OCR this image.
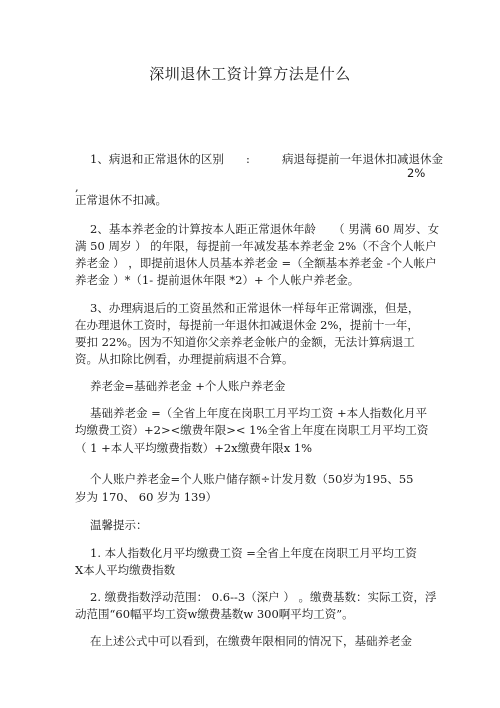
深圳退休工资计算方法是什么
1、病退和正常退休的区别 :	病退每提前一年退休扣减退休金
2%
,
正常退休不扣减。
2、基本养老金的计算按本人距正常退休年龄　　（ 男满 60 周岁、女
满 50 周岁 ） 的年限，每提前一年减发基本养老金 2%（不含个人帐户
养老金 ） ，即提前退休人员基本养老金 =（全额基本养老金 -个人帐户
养老金 ）*（1- 提前退休年限 *2）+ 个人帐户养老金。
3、办理病退后的工资虽然和正常退休一样每年正常调涨，但是，
在办理退休工资时，每提前一年退休扣减退休金 2%，提前十一年，
要扣 22%。因为不知道你父亲养老金帐户的金额，无法计算病退工
资。从扣除比例看，办理提前病退不合算。
养老金=基础养老金 +个人账户养老金
基础养老金 =（全省上年度在岗职工月平均工资 +本人指数化月平
均缴费工资）+2><缴费年限>< 1%全省上年度在岗职工月平均工资
（ 1 +本人平均缴费指数）+2x缴费年限x 1%
个人账户养老金=个人账户储存额÷计发月数（50岁为195、55
岁为 170、 60 岁为 139）
温馨提示：
1. 本人指数化月平均缴费工资 =全省上年度在岗职工月平均工资
X本人平均缴费指数
2. 缴费指数浮动范围： 0.6--3（深户 ） 。缴费基数：实际工资，浮
动范围“60幅平均工资w缴费基数w 300啊平均工资”。
在上述公式中可以看到，在缴费年限相同的情况下，基础养老金
